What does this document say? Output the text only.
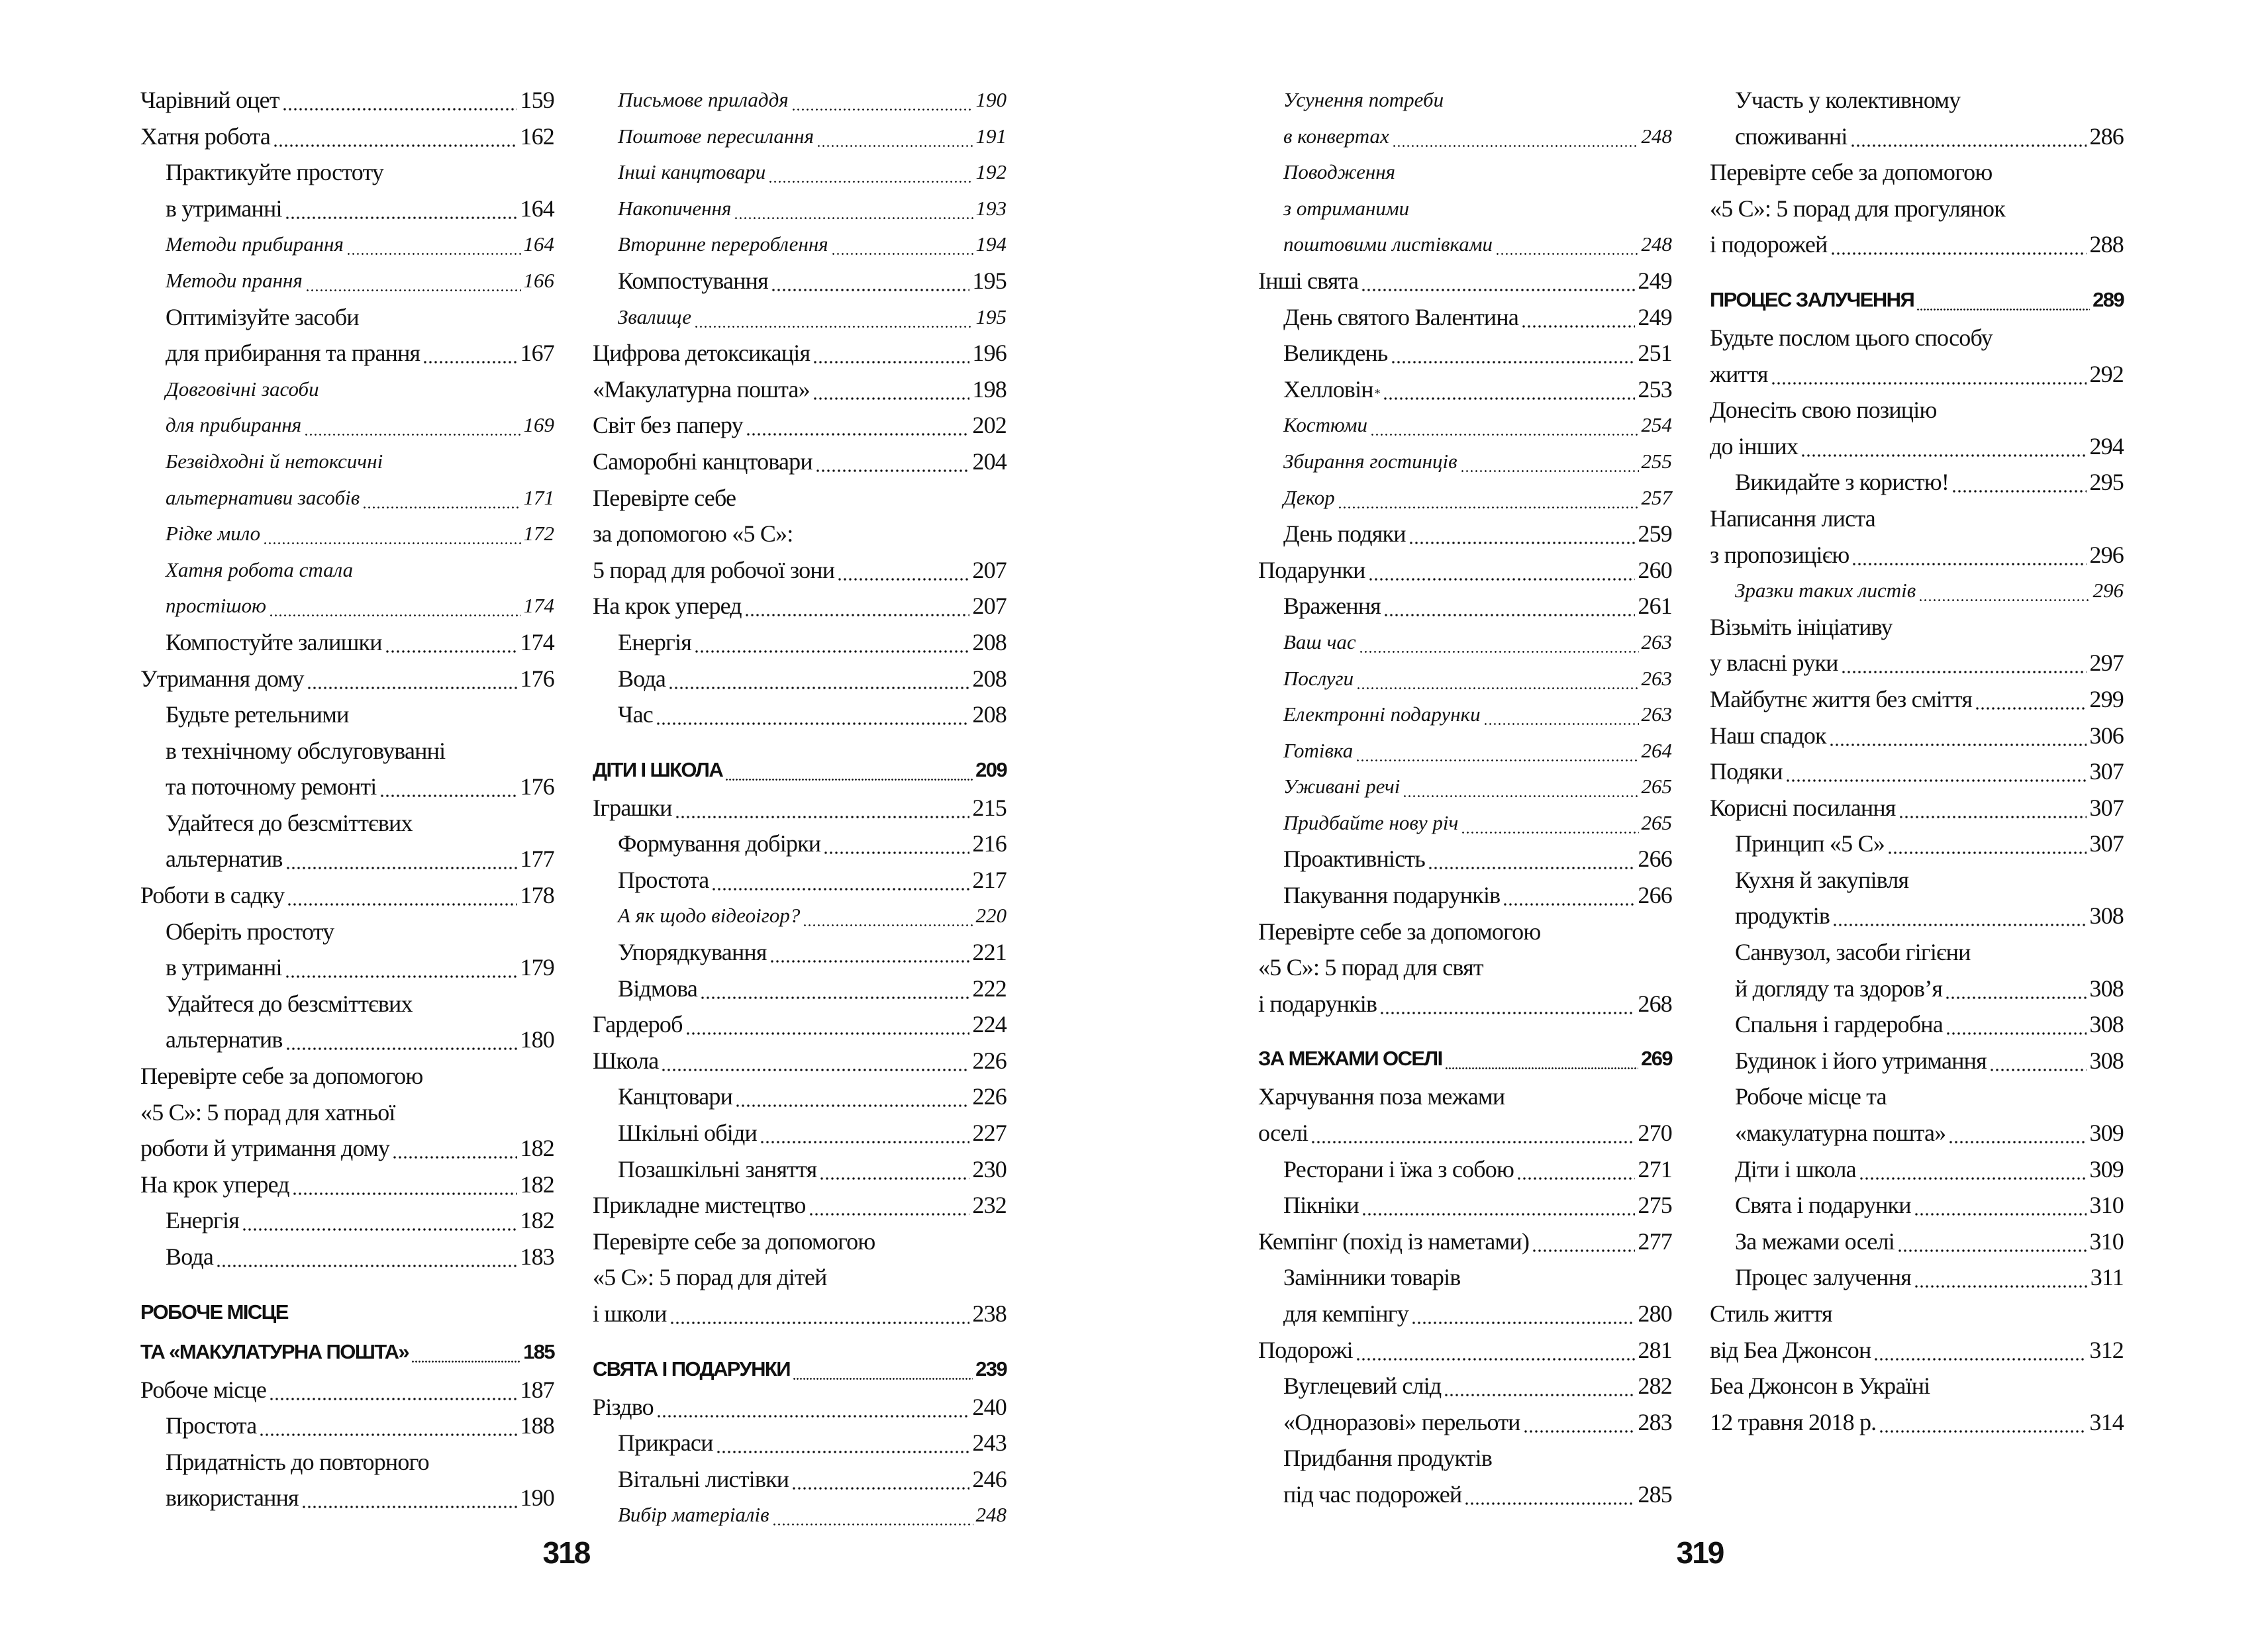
Чарівний оцет	159
Хатня робота	162
Практикуйте простоту
в утриманні	164
Методи прибирання	164
Методи прання	166
Оптимізуйте засоби
для прибирання та прання	167
Довговічні засоби
для прибирання	169
Безвідходні й нетоксичні
альтернативи засобів	171
Рідке мило	172
Хатня робота стала
простішою	174
Компостуйте залишки	174
Утримання дому	176
Будьте ретельними
в технічному обслуговуванні
та поточному ремонті	176
Удайтеся до безсміттєвих
альтернатив	177
Роботи в садку	178
Оберіть простоту
в утриманні	179
Удайтеся до безсміттєвих
альтернатив	180
Перевірте себе за допомогою
«5 С»: 5 порад для хатньої
роботи й утримання дому	182
На крок уперед	182
Енергія	182
Вода	183
РОБОЧЕ МІСЦЕ
ТА «МАКУЛАТУРНА ПОШТА»	185
Робоче місце	187
Простота	188
Придатність до повторного
використання	190
Письмове приладдя	190
Поштове пересилання	191
Інші канцтовари	192
Накопичення	193
Вторинне перероблення	194
Компостування	195
Звалище	195
Цифрова детоксикація	196
«Макулатурна пошта»	198
Світ без паперу	202
Саморобні канцтовари	204
Перевірте себе
за допомогою «5 С»:
5 порад для робочої зони	207
На крок уперед	207
Енергія	208
Вода	208
Час	208
ДІТИ І ШКОЛА	209
Іграшки	215
Формування добірки	216
Простота	217
А як щодо відеоігор?	220
Упорядкування	221
Відмова	222
Гардероб	224
Школа	226
Канцтовари	226
Шкільні обіди	227
Позашкільні заняття	230
Прикладне мистецтво	232
Перевірте себе за допомогою
«5 С»: 5 порад для дітей
і школи	238
СВЯТА І ПОДАРУНКИ	239
Різдво	240
Прикраси	243
Вітальні листівки	246
Вибір матеріалів	248
Усунення потреби
в конвертах	248
Поводження
з отриманими
поштовими листівками	248
Інші свята	249
День святого Валентина	249
Великдень	251
Хелловін *	253
Костюми	254
Збирання гостинців	255
Декор	257
День подяки	259
Подарунки	260
Враження	261
Ваш час	263
Послуги	263
Електронні подарунки	263
Готівка	264
Уживані речі	265
Придбайте нову річ	265
Проактивність	266
Пакування подарунків	266
Перевірте себе за допомогою
«5 С»: 5 порад для свят
і подарунків	268
ЗА МЕЖАМИ ОСЕЛІ	269
Харчування поза межами
оселі	270
Ресторани і їжа з собою	271
Пікніки	275
Кемпінг (похід із наметами)	277
Замінники товарів
для кемпінгу	280
Подорожі	281
Вуглецевий слід	282
«Одноразові» перельоти	283
Придбання продуктів
під час подорожей	285
Участь у колективному
споживанні	286
Перевірте себе за допомогою
«5 С»: 5 порад для прогулянок
і подорожей	288
ПРОЦЕС ЗАЛУЧЕННЯ	289
Будьте послом цього способу
життя	292
Донесіть свою позицію
до інших	294
Викидайте з користю!	295
Написання листа
з пропозицією	296
Зразки таких листів	296
Візьміть ініціативу
у власні руки	297
Майбутнє життя без сміття	299
Наш спадок	306
Подяки	307
Корисні посилання	307
Принцип «5 С»	307
Кухня й закупівля
продуктів	308
Санвузол, засоби гігієни
й догляду та здоров’я	308
Спальня і гардеробна	308
Будинок і його утримання	308
Робоче місце та
«макулатурна пошта»	309
Діти і школа	309
Свята і подарунки	310
За межами оселі	310
Процес залучення	311
Стиль життя
від Беа Джонсон	312
Беа Джонсон в Україні
12 травня 2018 р.	314
318	319
